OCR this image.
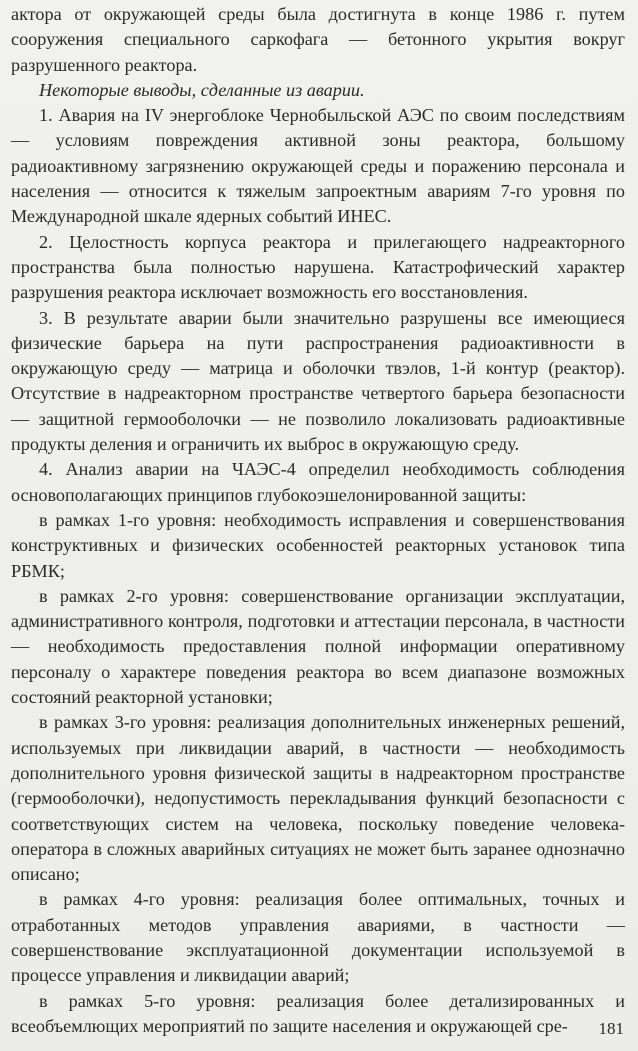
актора от окружающей среды была достигнута в конце 1986 г. путем сооружения специального саркофага — бетонного укрытия вокруг разрушенного реактора.

Некоторые выводы, сделанные из аварии.

1. Авария на IV энергоблоке Чернобыльской АЭС по своим последствиям — условиям повреждения активной зоны реактора, большому радиоактивному загрязнению окружающей среды и поражению персонала и населения — относится к тяжелым запроектным авариям 7-го уровня по Международной шкале ядерных событий ИНЕС.

2. Целостность корпуса реактора и прилегающего надреакторного пространства была полностью нарушена. Катастрофический характер разрушения реактора исключает возможность его восстановления.

3. В результате аварии были значительно разрушены все имеющиеся физические барьера на пути распространения радиоактивности в окружающую среду — матрица и оболочки твэлов, 1-й контур (реактор). Отсутствие в надреакторном пространстве четвертого барьера безопасности — защитной гермооболочки — не позволило локализовать радиоактивные продукты деления и ограничить их выброс в окружающую среду.

4. Анализ аварии на ЧАЭС-4 определил необходимость соблюдения основополагающих принципов глубокоэшелонированной защиты:

в рамках 1-го уровня: необходимость исправления и совершенствования конструктивных и физических особенностей реакторных установок типа РБМК;

в рамках 2-го уровня: совершенствование организации эксплуатации, административного контроля, подготовки и аттестации персонала, в частности — необходимость предоставления полной информации оперативному персоналу о характере поведения реактора во всем диапазоне возможных состояний реакторной установки;

в рамках 3-го уровня: реализация дополнительных инженерных решений, используемых при ликвидации аварий, в частности — необходимость дополнительного уровня физической защиты в надреакторном пространстве (гермооболочки), недопустимость перекладывания функций безопасности с соответствующих систем на человека, поскольку поведение человека-оператора в сложных аварийных ситуациях не может быть заранее однозначно описано;

в рамках 4-го уровня: реализация более оптимальных, точных и отработанных методов управления авариями, в частности — совершенствование эксплуатационной документации используемой в процессе управления и ликвидации аварий;

в рамках 5-го уровня: реализация более детализированных и всеобъемлющих мероприятий по защите населения и окружающей сре-	181
